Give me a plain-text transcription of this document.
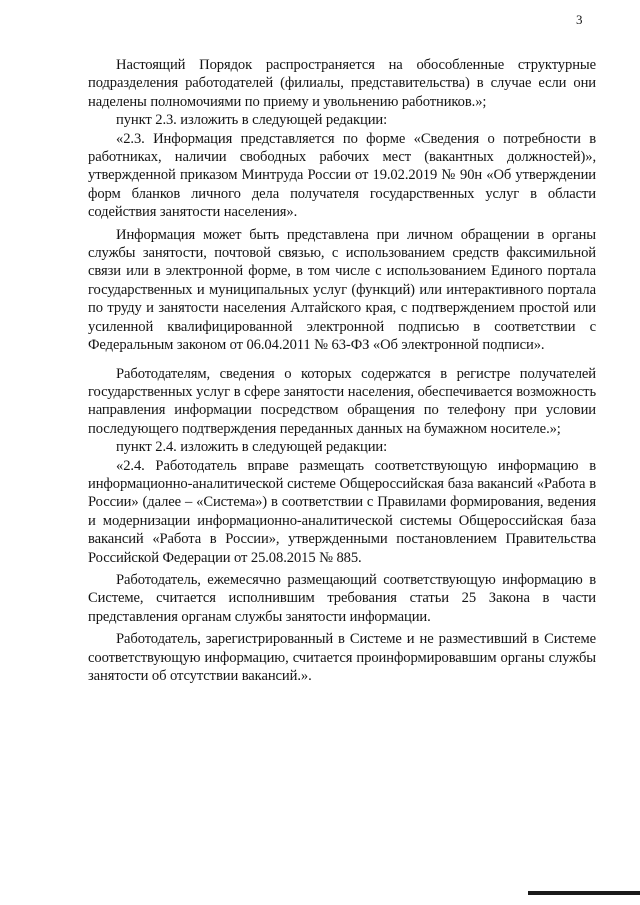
3

Настоящий Порядок распространяется на обособленные структурные подразделения работодателей (филиалы, представительства) в случае если они наделены полномочиями по приему и увольнению работников.»;

пункт 2.3. изложить в следующей редакции:

«2.3. Информация представляется по форме «Сведения о потребности в работниках, наличии свободных рабочих мест (вакантных должностей)», утвержденной приказом Минтруда России от 19.02.2019 № 90н «Об утверждении форм бланков личного дела получателя государственных услуг в области содействия занятости населения».

Информация может быть представлена при личном обращении в органы службы занятости, почтовой связью, с использованием средств факсимильной связи или в электронной форме, в том числе с использованием Единого портала государственных и муниципальных услуг (функций) или интерактивного портала по труду и занятости населения Алтайского края, с подтверждением простой или усиленной квалифицированной электронной подписью в соответствии с Федеральным законом от 06.04.2011 № 63-ФЗ «Об электронной подписи».

Работодателям, сведения о которых содержатся в регистре получателей государственных услуг в сфере занятости населения, обеспечивается возможность направления информации посредством обращения по телефону при условии последующего подтверждения переданных данных на бумажном носителе.»;

пункт 2.4. изложить в следующей редакции:

«2.4. Работодатель вправе размещать соответствующую информацию в информационно-аналитической системе Общероссийская база вакансий «Работа в России» (далее – «Система») в соответствии с Правилами формирования, ведения и модернизации информационно-аналитической системы Общероссийская база вакансий «Работа в России», утвержденными постановлением Правительства Российской Федерации от 25.08.2015 № 885.

Работодатель, ежемесячно размещающий соответствующую информацию в Системе, считается исполнившим требования статьи 25 Закона в части представления органам службы занятости информации.

Работодатель, зарегистрированный в Системе и не разместивший в Системе соответствующую информацию, считается проинформировавшим органы службы занятости об отсутствии вакансий.».
